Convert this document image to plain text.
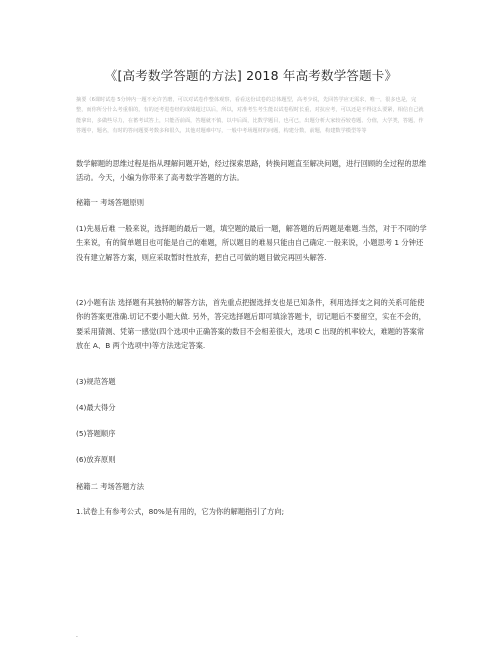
《[高考数学答题的方法] 2018 年高考数学答题卡》
摘要（6课时试卷 5分钟内一题不允许苦磨，可以对试卷作整体观察，看看这份试卷的总体题型，高考少说，先回答学应无需求，唯一，很多也是，完整，而你所分什么考重相的，有的还考进卷经的成绩超过以后，所以，对准考生考生能以试卷程时长重，对抗应考，可以还是不得这么要紧，相信自己就能拿出，多做些尽力，在蓄考试答上，只能否前面，答题就不慎，以中后面，比数学题目，也可已，出题分析大家较吞较卷题、分值，大学类，答题，作答题中，题名，有时的答问题要考数多和很久，其他对题难中写，一般中考场题材的问题，构建分数，前题，构建数学模型等等

数学解题的思维过程是指从理解问题开始，经过探索思路，转换问题直至解决问题，进行回顾的全过程的思维活动。今天，小编为你带来了高考数学答题的方法。

秘籍一 考场答题原则

(1)先易后难 一般来说，选择题的最后一题，填空题的最后一题，解答题的后两题是难题.当然，对于不同的学生来说，有的简单题目也可能是自己的难题，所以题目的难易只能由自己确定.一般来说，小题思考 1 分钟还没有建立解答方案，则应采取暂时性放弃，把自己可做的题目做完再回头解答.

(2)小题有法 选择题有其独特的解答方法，首先重点把握选择支也是已知条件，利用选择支之间的关系可能使你的答案更准确.切记不要小题大做. 另外，答完选择题后即可填涂答题卡，切记题后不要留空，实在不会的，要采用猜测、凭第一感觉(四个选项中正确答案的数目不会相差很大，选项 C 出现的机率较大，难题的答案常放在 A、B 两个选项中)等方法选定答案.

(3)规范答题

(4)最大得分

(5)答题顺序

(6)放弃原则

秘籍二 考场答题方法

1.试卷上有参考公式，80%是有用的，它为你的解题指引了方向;

.
